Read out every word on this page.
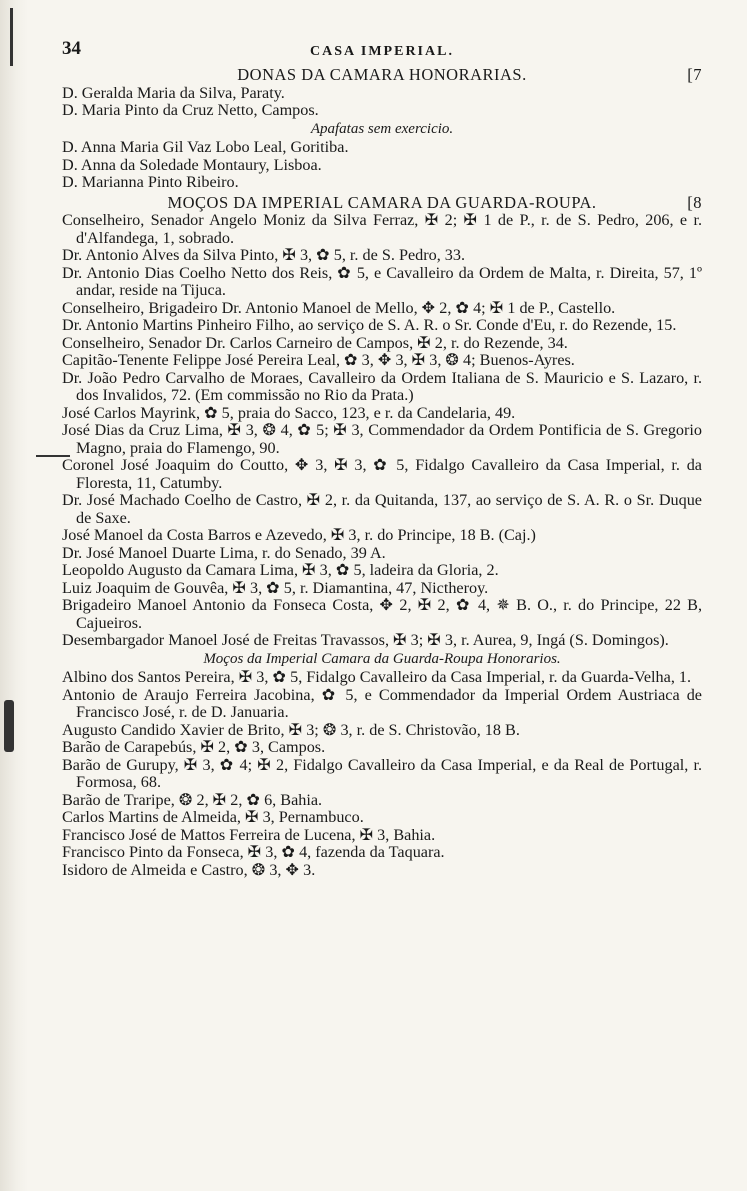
34	CASA IMPERIAL.
DONAS DA CAMARA HONORARIAS.	[7
D. Geralda Maria da Silva, Paraty.
D. Maria Pinto da Cruz Netto, Campos.
Apafatas sem exercicio.
D. Anna Maria Gil Vaz Lobo Leal, Goritiba.
D. Anna da Soledade Montaury, Lisboa.
D. Marianna Pinto Ribeiro.
MOÇOS DA IMPERIAL CAMARA DA GUARDA-ROUPA.	[8
Conselheiro, Senador Angelo Moniz da Silva Ferraz, ✠ 2; ✠ 1 de P., r. de S. Pedro, 206, e r. d'Alfandega, 1, sobrado.
Dr. Antonio Alves da Silva Pinto, ✠ 3, ✿ 5, r. de S. Pedro, 33.
Dr. Antonio Dias Coelho Netto dos Reis, ✿ 5, e Cavalleiro da Ordem de Malta, r. Direita, 57, 1º andar, reside na Tijuca.
Conselheiro, Brigadeiro Dr. Antonio Manoel de Mello, ✥ 2, ✿ 4; ✠ 1 de P., Castello.
Dr. Antonio Martins Pinheiro Filho, ao serviço de S. A. R. o Sr. Conde d'Eu, r. do Rezende, 15.
Conselheiro, Senador Dr. Carlos Carneiro de Campos, ✠ 2, r. do Rezende, 34.
Capitão-Tenente Felippe José Pereira Leal, ✿ 3, ✥ 3, ✠ 3, ❂ 4; Buenos-Ayres.
Dr. João Pedro Carvalho de Moraes, Cavalleiro da Ordem Italiana de S. Mauricio e S. Lazaro, r. dos Invalidos, 72. (Em commissão no Rio da Prata.)
José Carlos Mayrink, ✿ 5, praia do Sacco, 123, e r. da Candelaria, 49.
José Dias da Cruz Lima, ✠ 3, ❂ 4, ✿ 5; ✠ 3, Commendador da Ordem Pontificia de S. Gregorio Magno, praia do Flamengo, 90.
Coronel José Joaquim do Coutto, ✥ 3, ✠ 3, ✿ 5, Fidalgo Cavalleiro da Casa Imperial, r. da Floresta, 11, Catumby.
Dr. José Machado Coelho de Castro, ✠ 2, r. da Quitanda, 137, ao serviço de S. A. R. o Sr. Duque de Saxe.
José Manoel da Costa Barros e Azevedo, ✠ 3, r. do Principe, 18 B. (Caj.)
Dr. José Manoel Duarte Lima, r. do Senado, 39 A.
Leopoldo Augusto da Camara Lima, ✠ 3, ✿ 5, ladeira da Gloria, 2.
Luiz Joaquim de Gouvêa, ✠ 3, ✿ 5, r. Diamantina, 47, Nictheroy.
Brigadeiro Manoel Antonio da Fonseca Costa, ✥ 2, ✠ 2, ✿ 4, ✵ B. O., r. do Principe, 22 B, Cajueiros.
Desembargador Manoel José de Freitas Travassos, ✠ 3; ✠ 3, r. Aurea, 9, Ingá (S. Domingos).
Moços da Imperial Camara da Guarda-Roupa Honorarios.
Albino dos Santos Pereira, ✠ 3, ✿ 5, Fidalgo Cavalleiro da Casa Imperial, r. da Guarda-Velha, 1.
Antonio de Araujo Ferreira Jacobina, ✿ 5, e Commendador da Imperial Ordem Austriaca de Francisco José, r. de D. Januaria.
Augusto Candido Xavier de Brito, ✠ 3; ❂ 3, r. de S. Christovão, 18 B.
Barão de Carapebús, ✠ 2, ✿ 3, Campos.
Barão de Gurupy, ✠ 3, ✿ 4; ✠ 2, Fidalgo Cavalleiro da Casa Imperial, e da Real de Portugal, r. Formosa, 68.
Barão de Traripe, ❂ 2, ✠ 2, ✿ 6, Bahia.
Carlos Martins de Almeida, ✠ 3, Pernambuco.
Francisco José de Mattos Ferreira de Lucena, ✠ 3, Bahia.
Francisco Pinto da Fonseca, ✠ 3, ✿ 4, fazenda da Taquara.
Isidoro de Almeida e Castro, ❂ 3, ✥ 3.
